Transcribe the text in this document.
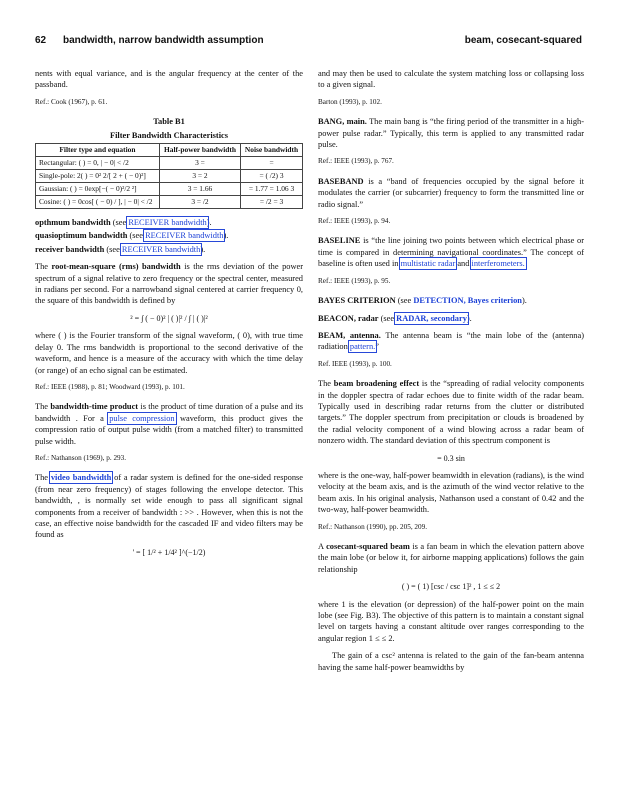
62 bandwidth, narrow bandwidth assumption	beam, cosecant-squared

nents with equal variance, and is the angular frequency at the center of the passband.

Ref.: Cook (1967), p. 61.

Table B1
Filter Bandwidth Characteristics
Filter type and equation	Half-power bandwidth	Noise bandwidth
Rectangular: ( ) = 0, | − 0| < /2	3 =	=
Single-pole: 2( ) = 0² 2/[ 2 + ( − 0)²]	3 = 2	= ( /2) 3
Gaussian: ( ) = 0exp[−( − 0)²/2 ²]	3 = 1.66	= 1.77 = 1.06 3
Cosine: ( ) = 0cos[ ( − 0) / ], | − 0| < /2	3 = /2	= /2 = 3

opthmum bandwidth (see RECEIVER bandwidth).

quasioptimum bandwidth (see RECEIVER bandwidth).

receiver bandwidth (see RECEIVER bandwidth).

The root-mean-square (rms) bandwidth is the rms deviation of the power spectrum of a signal relative to zero frequency or the spectral center, measured in radians per second. For a narrowband signal centered at carrier frequency 0, the square of this bandwidth is defined by

² = ∫ ( − 0)² | ( )|² / ∫ | ( )|²

where ( ) is the Fourier transform of the signal waveform, ( 0), with true time delay 0. The rms bandwidth is proportional to the second derivative of the waveform, and hence is a measure of the accuracy with which the time delay (or range) of an echo signal can be estimated.

Ref.: IEEE (1988), p. 81; Woodward (1993), p. 101.

The bandwidth-time product is the product of time duration of a pulse and its bandwidth . For a pulse compression waveform, this product gives the compression ratio of output pulse width (from a matched filter) to transmitted pulse width.

Ref.: Nathanson (1969), p. 293.

The video bandwidth of a radar system is defined for the one-sided response (from near zero frequency) of stages following the envelope detector. This bandwidth, , is normally set wide enough to pass all significant signal components from a receiver of bandwidth : >> . However, when this is not the case, an effective noise bandwidth for the cascaded IF and video filters may be found as

' = [ 1/² + 1/4² ]^(−1/2)

and may then be used to calculate the system matching loss or collapsing loss to a given signal.

Barton (1993), p. 102.

BANG, main. The main bang is “the firing period of the transmitter in a high-power pulse radar.” Typically, this term is applied to any transmitted radar pulse.

Ref.: IEEE (1993), p. 767.

BASEBAND is a “band of frequencies occupied by the signal before it modulates the carrier (or subcarrier) frequency to form the transmitted line or radio signal.”

Ref.: IEEE (1993), p. 94.

BASELINE is “the line joining two points between which electrical phase or time is compared in determining navigational coordinates.” The concept of baseline is often used in multistatic radar and interferometers.

Ref.: IEEE (1993), p. 95.

BAYES CRITERION (see DETECTION, Bayes criterion).

BEACON, radar (see RADAR, secondary).

BEAM, antenna. The antenna beam is “the main lobe of the (antenna) radiation pattern.”

Ref. IEEE (1993), p. 100.

The beam broadening effect is the “spreading of radial velocity components in the doppler spectra of radar echoes due to finite width of the radar beam. Typically used in describing radar returns from the clutter or distributed targets.” The doppler spectrum from precipitation or clouds is broadened by the radial velocity component of a wind blowing across a radar beam of nonzero width. The standard deviation of this spectrum component is

= 0.3 sin

where is the one-way, half-power beamwidth in elevation (radians), is the wind velocity at the beam axis, and is the azimuth of the wind vector relative to the beam axis. In his original analysis, Nathanson used a constant of 0.42 and the two-way, half-power beamwidth.

Ref.: Nathanson (1990), pp. 205, 209.

A cosecant-squared beam is a fan beam in which the elevation pattern above the main lobe (or below it, for airborne mapping applications) follows the gain relationship

( ) = ( 1) [csc / csc 1]² , 1 ≤ ≤ 2

where 1 is the elevation (or depression) of the half-power point on the main lobe (see Fig. B3). The objective of this pattern is to maintain a constant signal level on targets having a constant altitude over ranges corresponding to the angular region 1 ≤ ≤ 2.

The gain of a csc² antenna is related to the gain of the fan-beam antenna having the same half-power beamwidths by
